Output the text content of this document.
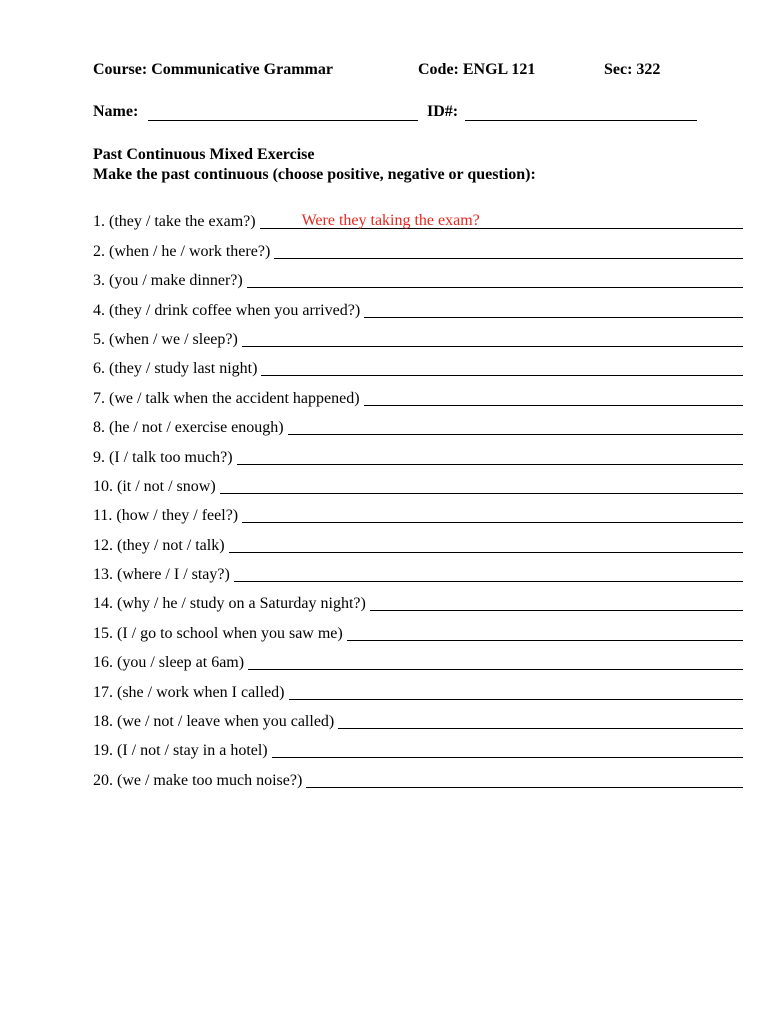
Course: Communicative Grammar	Code: ENGL 121	Sec: 322
Name:	ID#:
Past Continuous Mixed Exercise
Make the past continuous (choose positive, negative or question):
1. (they / take the exam?)	Were they taking the exam?
2. (when / he / work there?)
3. (you / make dinner?)
4. (they / drink coffee when you arrived?)
5. (when / we / sleep?)
6. (they / study last night)
7. (we / talk when the accident happened)
8. (he / not / exercise enough)
9. (I / talk too much?)
10. (it / not / snow)
11. (how / they / feel?)
12. (they / not / talk)
13. (where / I / stay?)
14. (why / he / study on a Saturday night?)
15. (I / go to school when you saw me)
16. (you / sleep at 6am)
17. (she / work when I called)
18. (we / not / leave when you called)
19. (I / not / stay in a hotel)
20. (we / make too much noise?)
